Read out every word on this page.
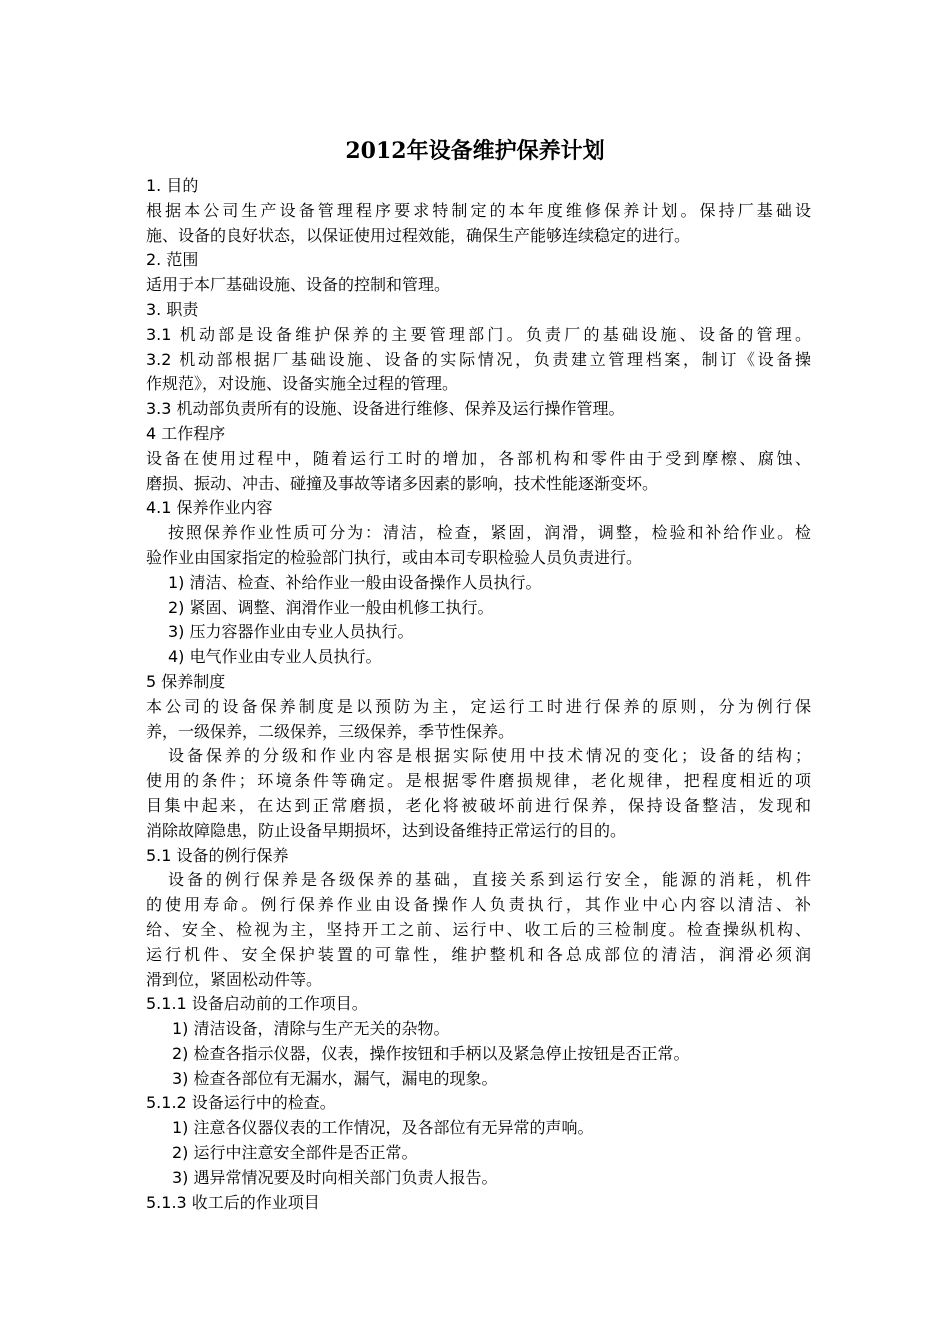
2012年设备维护保养计划
1. 目的
根据本公司生产设备管理程序要求特制定的本年度维修保养计划。保持厂基础设
施、设备的良好状态，以保证使用过程效能，确保生产能够连续稳定的进行。
2. 范围
适用于本厂基础设施、设备的控制和管理。
3. 职责
3.1 机动部是设备维护保养的主要管理部门。负责厂的基础设施、设备的管理。
3.2 机动部根据厂基础设施、设备的实际情况，负责建立管理档案，制订《设备操
作规范》，对设施、设备实施全过程的管理。
3.3 机动部负责所有的设施、设备进行维修、保养及运行操作管理。
4 工作程序
设备在使用过程中，随着运行工时的增加，各部机构和零件由于受到摩檫、腐蚀、
磨损、振动、冲击、碰撞及事故等诸多因素的影响，技术性能逐渐变坏。
4.1 保养作业内容
按照保养作业性质可分为：清洁，检查，紧固，润滑，调整，检验和补给作业。检
验作业由国家指定的检验部门执行，或由本司专职检验人员负责进行。
1) 清洁、检查、补给作业一般由设备操作人员执行。
2) 紧固、调整、润滑作业一般由机修工执行。
3) 压力容器作业由专业人员执行。
4) 电气作业由专业人员执行。
5 保养制度
本公司的设备保养制度是以预防为主，定运行工时进行保养的原则，分为例行保
养，一级保养，二级保养，三级保养，季节性保养。
设备保养的分级和作业内容是根据实际使用中技术情况的变化；设备的结构；
使用的条件；环境条件等确定。是根据零件磨损规律，老化规律，把程度相近的项
目集中起来，在达到正常磨损，老化将被破坏前进行保养，保持设备整洁，发现和
消除故障隐患，防止设备早期损坏，达到设备维持正常运行的目的。
5.1 设备的例行保养
设备的例行保养是各级保养的基础，直接关系到运行安全，能源的消耗，机件
的使用寿命。例行保养作业由设备操作人负责执行，其作业中心内容以清洁、补
给、安全、检视为主，坚持开工之前、运行中、收工后的三检制度。检查操纵机构、
运行机件、安全保护装置的可靠性，维护整机和各总成部位的清洁，润滑必须润
滑到位，紧固松动件等。
5.1.1 设备启动前的工作项目。
1) 清洁设备，清除与生产无关的杂物。
2) 检查各指示仪器，仪表，操作按钮和手柄以及紧急停止按钮是否正常。
3) 检查各部位有无漏水，漏气，漏电的现象。
5.1.2 设备运行中的检查。
1) 注意各仪器仪表的工作情况，及各部位有无异常的声响。
2) 运行中注意安全部件是否正常。
3) 遇异常情况要及时向相关部门负责人报告。
5.1.3 收工后的作业项目
